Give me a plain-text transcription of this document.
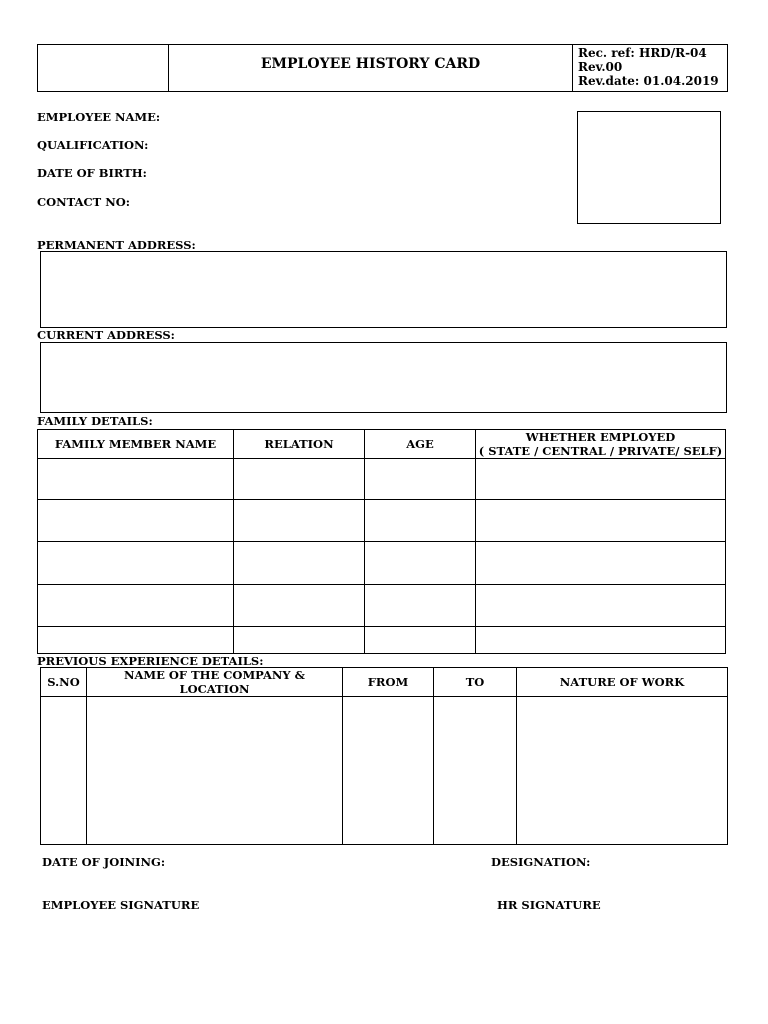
EMPLOYEE HISTORY CARD
Rec. ref: HRD/R-04
Rev.00
Rev.date: 01.04.2019
EMPLOYEE NAME:
QUALIFICATION:
DATE OF BIRTH:
CONTACT NO:
PERMANENT ADDRESS:
CURRENT ADDRESS:
FAMILY DETAILS:
FAMILY MEMBER NAME	RELATION	AGE	WHETHER EMPLOYED
( STATE / CENTRAL / PRIVATE/ SELF)

PREVIOUS EXPERIENCE DETAILS:
S.NO	NAME OF THE COMPANY & LOCATION	FROM	TO	NATURE OF WORK

DATE OF JOINING:	DESIGNATION:
EMPLOYEE SIGNATURE	HR SIGNATURE
